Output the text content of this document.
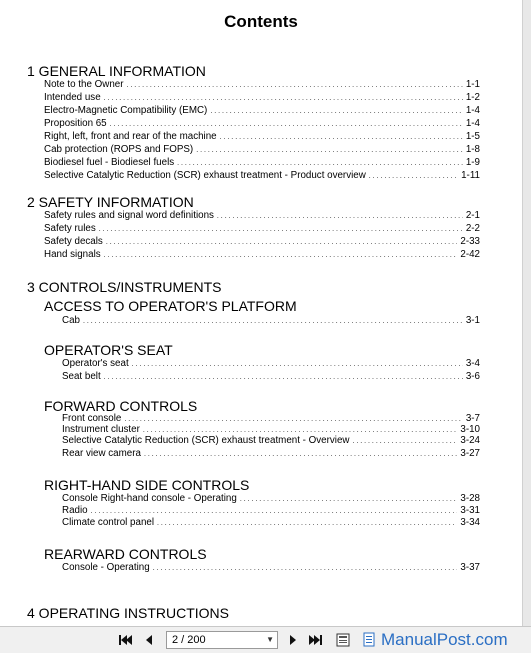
Contents
1 GENERAL INFORMATION
Note to the Owner . . .	1-1
Intended use . . .	1-2
Electro-Magnetic Compatibility (EMC) . . .	1-4
Proposition 65 . . .	1-4
Right, left, front and rear of the machine . . .	1-5
Cab protection (ROPS and FOPS) . . .	1-8
Biodiesel fuel - Biodiesel fuels . . .	1-9
Selective Catalytic Reduction (SCR) exhaust treatment - Product overview . . .	1-11
2 SAFETY INFORMATION
Safety rules and signal word definitions . . .	2-1
Safety rules . . .	2-2
Safety decals . . .	2-33
Hand signals . . .	2-42
3 CONTROLS/INSTRUMENTS
ACCESS TO OPERATOR'S PLATFORM
Cab . . .	3-1
OPERATOR'S SEAT
Operator's seat . . .	3-4
Seat belt . . .	3-6
FORWARD CONTROLS
Front console . . .	3-7
Instrument cluster . . .	3-10
Selective Catalytic Reduction (SCR) exhaust treatment - Overview . . .	3-24
Rear view camera . . .	3-27
RIGHT-HAND SIDE CONTROLS
Console Right-hand console - Operating . . .	3-28
Radio . . .	3-31
Climate control panel . . .	3-34
REARWARD CONTROLS
Console - Operating . . .	3-37
4 OPERATING INSTRUCTIONS
2 / 200	▼	ManualPost.com
